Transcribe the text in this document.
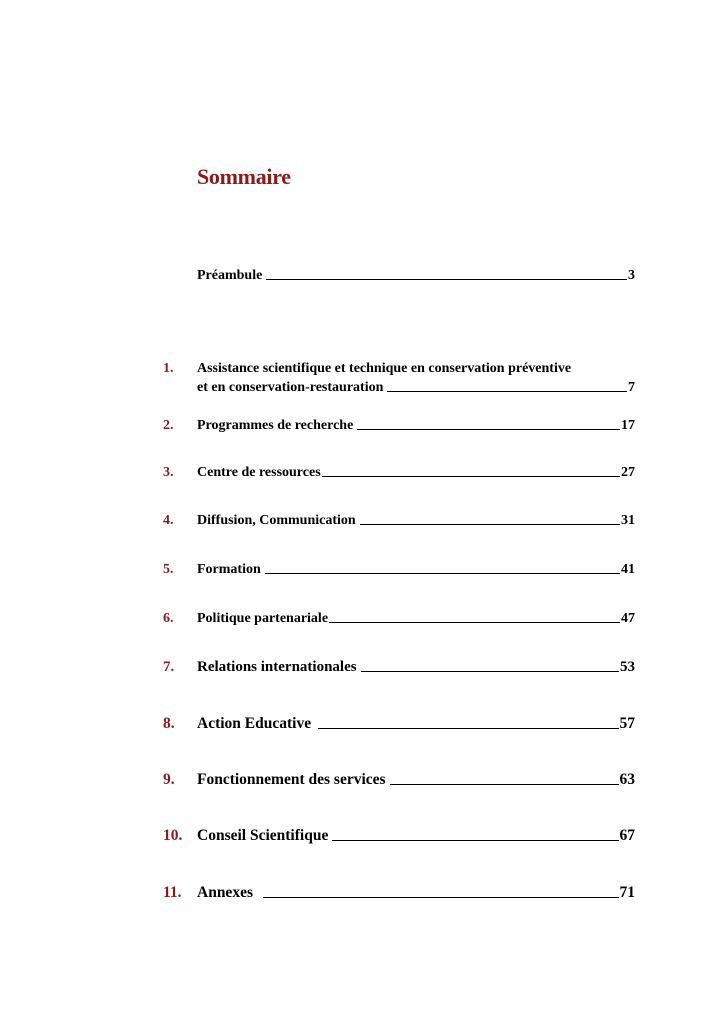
Sommaire
Préambule	3
1. Assistance scientifique et technique en conservation préventive
et en conservation-restauration	7
2. Programmes de recherche	17
3. Centre de ressources	27
4. Diffusion, Communication	31
5. Formation	41
6. Politique partenariale	47
7. Relations internationales	53
8. Action Educative	57
9. Fonctionnement des services	63
10. Conseil Scientifique	67
11. Annexes	71
